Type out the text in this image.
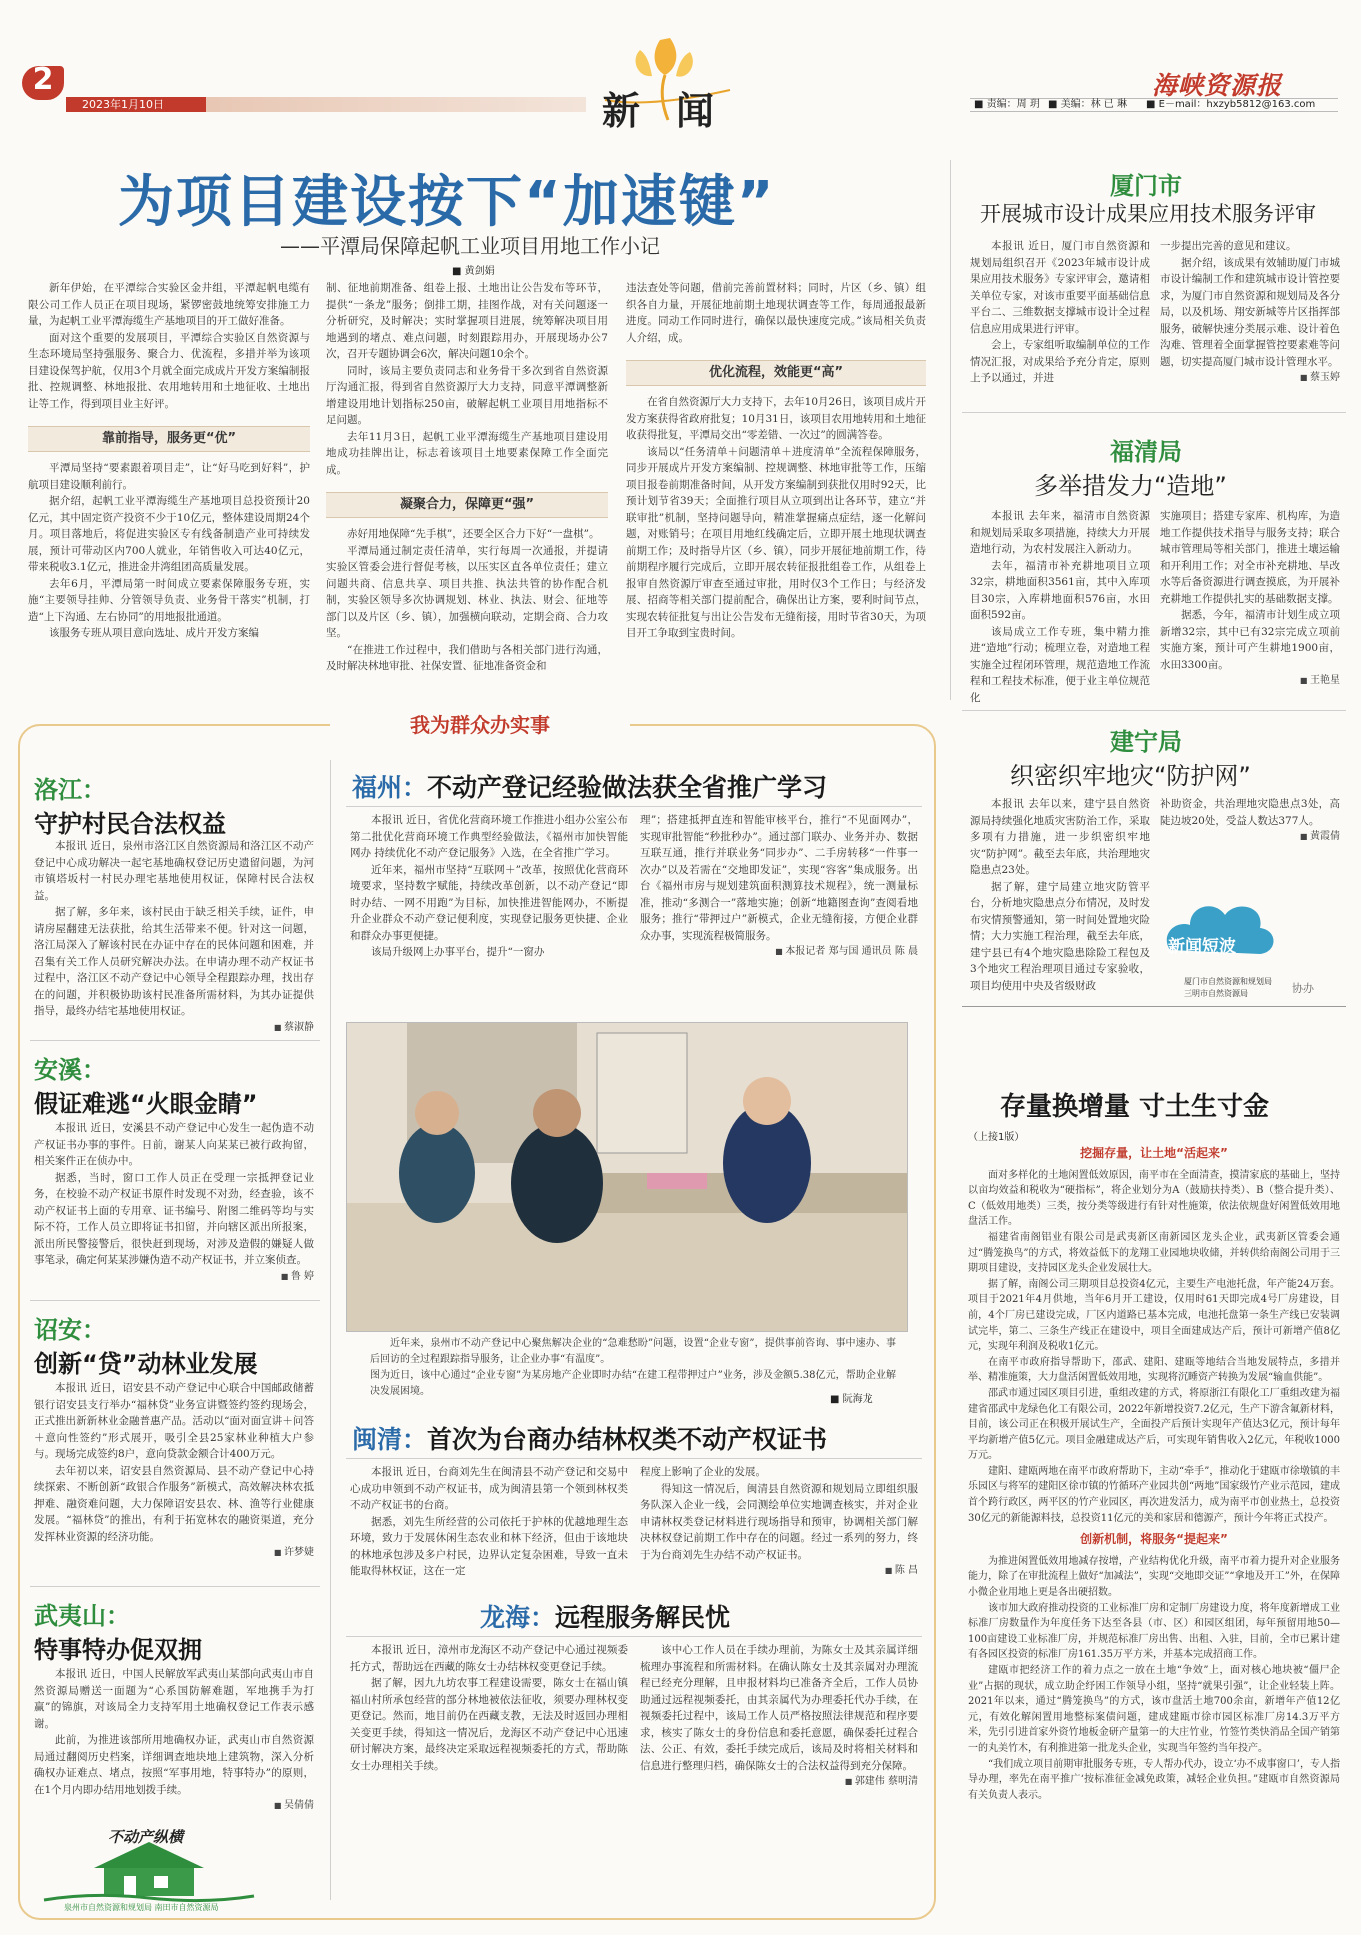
2
2023年1月10日	新 闻
海峡资源报
■ 责编：周 玥 ■ 美编：林 已 琳 ■ E－mail：hxzyb5812@163.com
为项目建设按下“加速键”
——平潭局保障起帆工业项目用地工作小记
■ 黄剑娟

新年伊始，在平潭综合实验区金井组，平潭起帆电缆有限公司工作人员正在项目现场，紧锣密鼓地统筹安排施工力量，为起帆工业平潭海缆生产基地项目的开工做好准备。

面对这个重要的发展项目，平潭综合实验区自然资源与生态环境局坚持强服务、聚合力、优流程，多措并举为该项目建设保驾护航，仅用3个月就全面完成成片开发方案编制报批、控规调整、林地报批、农用地转用和土地征收、土地出让等工作，得到项目业主好评。

靠前指导，服务更“优”

平潭局坚持“要素跟着项目走”，让“好马吃到好料”，护航项目建设顺利前行。

据介绍，起帆工业平潭海缆生产基地项目总投资预计20亿元，其中固定资产投资不少于10亿元，整体建设周期24个月。项目落地后，将促进实验区专有线备制造产业可持续发展，预计可带动区内700人就业，年销售收入可达40亿元，带来税收3.1亿元，推进金井湾组团高质量发展。

去年6月，平潭局第一时间成立要素保障服务专班，实施“主要领导挂帅、分管领导负责、业务骨干落实”机制，打造“上下沟通、左右协同”的用地报批通道。

该服务专班从项目意向选址、成片开发方案编

制、征地前期准备、组卷上报、土地出让公告发布等环节，提供“一条龙”服务；倒排工期，挂图作战，对有关问题逐一分析研究，及时解决；实时掌握项目进展，统筹解决项目用地遇到的堵点、难点问题，时刻跟踪用办，开展现场办公7次，召开专题协调会6次，解决问题10余个。

同时，该局主要负责同志和业务骨干多次到省自然资源厅沟通汇报，得到省自然资源厅大力支持，同意平潭调整新增建设用地计划指标250亩，破解起帆工业项目用地指标不足问题。

去年11月3日，起帆工业平潭海缆生产基地项目建设用地成功挂牌出让，标志着该项目土地要素保障工作全面完成。

凝聚合力，保障更“强”

赤好用地保障“先手棋”，还要全区合力下好“一盘棋”。

平潭局通过制定责任清单，实行每周一次通报，并提请实验区管委会进行督促考核，以压实区直各单位责任；建立问题共商、信息共享、项目共推、执法共管的协作配合机制，实验区领导多次协调规划、林业、执法、财会、征地等部门以及片区（乡、镇），加强横向联动，定期会商、合力攻坚。

“在推进工作过程中，我们借助与各相关部门进行沟通，及时解决林地审批、社保安置、征地准备资金和

违法查处等问题，借前完善前置材料；同时，片区（乡、镇）组织各自力量，开展征地前期土地现状调查等工作，每周通报最新进度。同动工作同时进行，确保以最快速度完成。”该局相关负责人介绍，成。

优化流程，效能更“高”

在省自然资源厅大力支持下，去年10月26日，该项目成片开发方案获得省政府批复；10月31日，该项目农用地转用和土地征收获得批复，平潭局交出“零差错、一次过”的圆满答卷。

该局以“任务清单＋问题清单＋进度清单”全流程保障服务，同步开展成片开发方案编制、控规调整、林地审批等工作，压缩项目报卷前期准备时间，从开发方案编制到获批仅用时92天，比预计划节省39天；全面推行项目从立项到出让各环节，建立“并联审批”机制，坚持问题导向，精准掌握痛点症结，逐一化解问题，对账销号；在项目用地红线确定后，立即开展土地现状调查前期工作；及时指导片区（乡、镇），同步开展征地前期工作，待前期程序履行完成后，立即开展农转征报批组卷工作，从组卷上报审自然资源厅审查至通过审批，用时仅3个工作日；与经济发展、招商等相关部门提前配合，确保出让方案，要利时间节点，实现农转征批复与出让公告发布无缝衔接，用时节省30天，为项目开工争取到宝贵时间。

厦门市
开展城市设计成果应用技术服务评审

本报讯 近日，厦门市自然资源和规划局组织召开《2023年城市设计成果应用技术服务》专家评审会，邀请相关单位专家，对该市重要平面基础信息平台二、三维数据支撑城市设计全过程信息应用成果进行评审。

会上，专家组听取编制单位的工作情况汇报，对成果给予充分肯定，原则上予以通过，并进

一步提出完善的意见和建议。

据介绍，该成果有效辅助厦门市城市设计编制工作和建筑城市设计管控要求，为厦门市自然资源和规划局及各分局，以及机场、翔安新城等片区指挥部服务，破解快速分类展示难、设计着色沟难、管理着全面掌握管控要素难等问题，切实提高厦门城市设计管理水平。

■ 蔡玉婷
福清局
多举措发力“造地”

本报讯 去年来，福清市自然资源和规划局采取多项措施，持续大力开展造地行动，为农村发展注入新动力。

去年，福清市补充耕地项目立项32宗，耕地面积3561亩，其中入库项目30宗，入库耕地面积576亩，水田面积592亩。

该局成立工作专班，集中精力推进“造地”行动；梳理立卷，对造地工程实施全过程闭环管理，规范造地工作流程和工程技术标准，便于业主单位规范化

实施项目；搭建专家库、机构库，为造地工作提供技术指导与服务支持；联合城市管理局等相关部门，推进土壤运输和开利用工作；对全市补充耕地、旱改水等后备资源进行调查摸底，为开展补充耕地工作提供扎实的基础数据支撑。

据悉，今年，福清市计划生成立项新增32宗，其中已有32宗完成立项前实施方案，预计可产生耕地1900亩，水田3300亩。

■ 王艳星
建宁局
织密织牢地灾“防护网”

本报讯 去年以来，建宁县自然资源局持续强化地质灾害防治工作，采取多项有力措施，进一步织密织牢地灾“防护网”。截至去年底，共治理地灾隐患点23处。

据了解，建宁局建立地灾防管平台，分析地灾隐患点分布情况，及时发布灾情预警通知，第一时间处置地灾险情；大力实施工程治理，截至去年底，建宁县已有4个地灾隐患除险工程包及3个地灾工程治理项目通过专家验收，项目均使用中央及省级财政

补助资金，共治理地灾隐患点3处，高陡边坡20处，受益人数达377人。

■ 黄霞倩
新闻短波
厦门市自然资源和规划局
三明市自然资源局	协办
存量换增量 寸土生寸金
（上接1版）
挖掘存量，让土地“活起来”

面对多样化的土地闲置低效原因，南平市在全面清查，摸清家底的基础上，坚持以亩均效益和税收为“硬指标”，将企业划分为A（鼓励扶持类）、B（整合提升类）、C（低效用地类）三类，按分类等级进行有针对性施策，依法依规盘好闲置低效用地盘活工作。

福建省南阁铝业有限公司是武夷新区南新园区龙头企业，武夷新区管委会通过“腾笼换鸟”的方式，将效益低下的龙翔工业园地块收储，并转供给南阁公司用于三期项目建设，支持园区龙头企业发展壮大。

据了解，南阁公司三期项目总投资4亿元，主要生产电池托盘，年产能24万套。项目于2021年4月供地，当年6月开工建设，仅用时61天即完成4号厂房建设，目前，4个厂房已建设完成，厂区内道路已基本完成，电池托盘第一条生产线已安装调试完毕，第二、三条生产线正在建设中，项目全面建成达产后，预计可新增产值8亿元，实现年利润及税收1亿元。

在南平市政府指导帮助下，邵武、建阳、建瓯等地结合当地发展特点，多措并举、精准施策，大力盘活闲置低效用地，实现将沉睡资产转换为发展“输血供能”。

邵武市通过园区项目引进，重组改建的方式，将原浙江有限化工厂重组改建为福建省邵武中龙绿色化工有限公司，2022年新增投资7.2亿元，生产下游含氟新材料，目前，该公司正在积极开展试生产，全面投产后预计实现年产值达3亿元，预计每年平均新增产值5亿元。项目金融建成达产后，可实现年销售收入2亿元，年税收1000万元。

建阳、建瓯两地在南平市政府帮助下，主动“牵手”，推动化于建瓯市徐墩镇的丰乐园区与将军的建阳区徐市镇的竹循环产业园共创“两地”国家级竹产业示范园，建成首个跨行政区，两平区的竹产业园区，再次进发活力，成为南平市创业热土，总投资30亿元的新能源料技，总投资11亿元的美和家居和德源产，预计今年将正式投产。

创新机制，将服务“提起来”

为推进闲置低效用地减存按增，产业结构优化升级，南平市着力提升对企业服务能力，除了在审批流程上做好“加减法”，实现“交地即交证”“拿地及开工”外，在保障小微企业用地上更是各出硬招数。

该市加大政府推动投资的工业标准厂房和定制厂房建设力度，将年度新增成工业标准厂房数量作为年度任务下达至各县（市、区）和园区组团，每年预留用地50—100亩建设工业标准厂房，并规范标准厂房出售、出租、入驻，目前，全市已累计建有各园区投资的标准厂房161.35万平方米，并基本完成招商工作。

建瓯市把经济工作的着力点之一放在土地“争效”上，面对核心地块被“僵尸企业”占据的现状，成立助企纾困工作领导小组，坚持“就果引强”，让企业轻装上阵。2021年以来，通过“腾笼换鸟”的方式，该市盘活土地700余亩，新增年产值12亿元，有效化解闲置用地整标案债问题，建成建瓯市徐市园区标准厂房14.3万平方米，先引引进首家外资竹地板金研产量第一的大庄竹业，竹签竹类快消品全国产销第一的丸美竹木，有利推进第一批龙头企业，实现当年签约当年投产。

“我们成立项目前期审批服务专班，专人帮办代办，设立‘办不成事窗口’，专人指导办理，率先在南平推广‘按标准征金减免政策，减轻企业负担。”建瓯市自然资源局有关负责人表示。

我为群众办实事
洛江：
守护村民合法权益

本报讯 近日，泉州市洛江区自然资源局和洛江区不动产登记中心成功解决一起宅基地确权登记历史遗留问题，为河市镇塔坂村一村民办理宅基地使用权证，保障村民合法权益。

据了解，多年来，该村民由于缺乏相关手续，证件，申请房屋翻建无法获批，给其生活带来不便。针对这一问题，洛江局深入了解该村民在办证中存在的民体问题和困难，并召集有关工作人员研究解决办法。在申请办理不动产权证书过程中，洛江区不动产登记中心领导全程跟踪办理，找出存在的问题，并积极协助该村民准备所需材料，为其办证提供指导，最终办结宅基地使用权证。

■ 蔡淑静
安溪：
假证难逃“火眼金睛”

本报讯 近日，安溪县不动产登记中心发生一起伪造不动产权证书办事的事件。日前，谢某人向某某已被行政拘留，相关案件正在侦办中。

据悉，当时，窗口工作人员正在受理一宗抵押登记业务，在校验不动产权证书原件时发现不对劲，经查验，该不动产权证书上面的专用章、证书编号、附图二维码等均与实际不符，工作人员立即将证书扣留，并向辖区派出所报案，派出所民警接警后，很快赶到现场，对涉及造假的嫌疑人做事笔录，确定何某某涉嫌伪造不动产权证书，并立案侦查。

■ 鲁 婷
诏安：
创新“贷”动林业发展

本报讯 近日，诏安县不动产登记中心联合中国邮政储蓄银行诏安县支行举办“福林贷”业务宣讲暨签约签约现场会，正式推出新新林业金融普惠产品。活动以“面对面宣讲＋问答＋意向性签约”形式展开，吸引全县25家林业种植大户参与。现场完成签约8户，意向贷款金额合计400万元。

去年初以来，诏安县自然资源局、县不动产登记中心持续探索、不断创新“政银合作服务”新模式，高效解决林农抵押难、融资难问题，大力保障诏安县农、林、渔等行业健康发展。“福林贷”的推出，有利于拓宽林农的融资渠道，充分发挥林业资源的经济功能。

■ 许梦婕
武夷山：
特事特办促双拥

本报讯 近日，中国人民解放军武夷山某部向武夷山市自然资源局赠送一面题为“心系国防解难题，军地携手为打赢”的锦旗，对该局全力支持军用土地确权登记工作表示感谢。

此前，为推进该部所用地确权办证，武夷山市自然资源局通过翻阅历史档案，详细调查地块地上建筑物，深入分析确权办证难点、堵点，按照“军事用地，特事特办”的原则，在1个月内即办结用地划拨手续。

■ 吴倩倩
不动产纵横
泉州市自然资源和规划局 南田市自然资源局
福州：不动产登记经验做法获全省推广学习

本报讯 近日，省优化营商环境工作推进小组办公室公布第二批优化营商环境工作典型经验做法，《福州市加快智能网办 持续优化不动产登记服务》入选，在全省推广学习。

近年来，福州市坚持“互联网＋”改革，按照优化营商环境要求，坚持数字赋能，持续改革创新，以不动产登记“即时办结、一网不用跑”为目标，加快推进智能网办，不断提升企业群众不动产登记便利度，实现登记服务更快捷、企业和群众办事更便捷。

该局升级网上办事平台，提升“一窗办

理”；搭建抵押直连和智能审核平台，推行“不见面网办”，实现审批智能“秒批秒办”。通过部门联办、业务并办、数据互联互通，推行并联业务“同步办”、二手房转移“一件事一次办”以及若需在“交地即发证”，实现“容客”集成服务。出台《福州市房与规划建筑面积测算技术规程》，统一测量标准，推动“多测合一”落地实施；创新“地籍图查询”查阅看地服务；推行“带押过户”新模式，企业无缝衔接，方便企业群众办事，实现流程极简服务。

■ 本报记者 郑与国 通讯员 陈 晨
近年来，泉州市不动产登记中心聚焦解决企业的“急难愁盼”问题，设置“企业专窗”，提供事前咨询、事中速办、事后回访的全过程跟踪指导服务，让企业办事“有温度”。
图为近日，该中心通过“企业专窗”为某房地产企业即时办结“在建工程带押过户”业务，涉及金额5.38亿元，帮助企业解决发展困境。
■ 阮海龙
闽清：首次为台商办结林权类不动产权证书

本报讯 近日，台商刘先生在闽清县不动产登记和交易中心成功申领到不动产权证书，成为闽清县第一个领到林权类不动产权证书的台商。

据悉，刘先生所经营的公司依托于护林的优越地理生态环境，致力于发展休闲生态农业和林下经济，但由于该地块的林地承包涉及多户村民，边界认定复杂困难，导致一直未能取得林权证，这在一定

程度上影响了企业的发展。

得知这一情况后，闽清县自然资源和规划局立即组织服务队深入企业一线，会同测绘单位实地调查核实，并对企业申请林权类登记材料进行现场指导和预审，协调相关部门解决林权登记前期工作中存在的问题。经过一系列的努力，终于为台商刘先生办结不动产权证书。

■ 陈 昌
龙海：远程服务解民忧

本报讯 近日，漳州市龙海区不动产登记中心通过视频委托方式，帮助远在西藏的陈女士办结林权变更登记手续。

据了解，因九九坊农事工程建设需要，陈女士在福山镇福山村所承包经营的部分林地被依法征收，须要办理林权变更登记。然而，地目前仍在西藏支教，无法及时返回办理相关变更手续，得知这一情况后，龙海区不动产登记中心迅速研讨解决方案，最终决定采取远程视频委托的方式，帮助陈女士办理相关手续。

该中心工作人员在手续办理前，为陈女士及其亲属详细梳理办事流程和所需材料。在确认陈女士及其亲属对办理流程已经充分理解，且申报材料均已准备齐全后，工作人员协助通过远程视频委托，由其亲属代为办理委托代办手续，在视频委托过程中，该局工作人员严格按照法律规范和程序要求，核实了陈女士的身份信息和委托意愿，确保委托过程合法、公正、有效，委托手续完成后，该局及时将相关材料和信息进行整理归档，确保陈女士的合法权益得到充分保障。

■ 郭建伟 蔡明清
